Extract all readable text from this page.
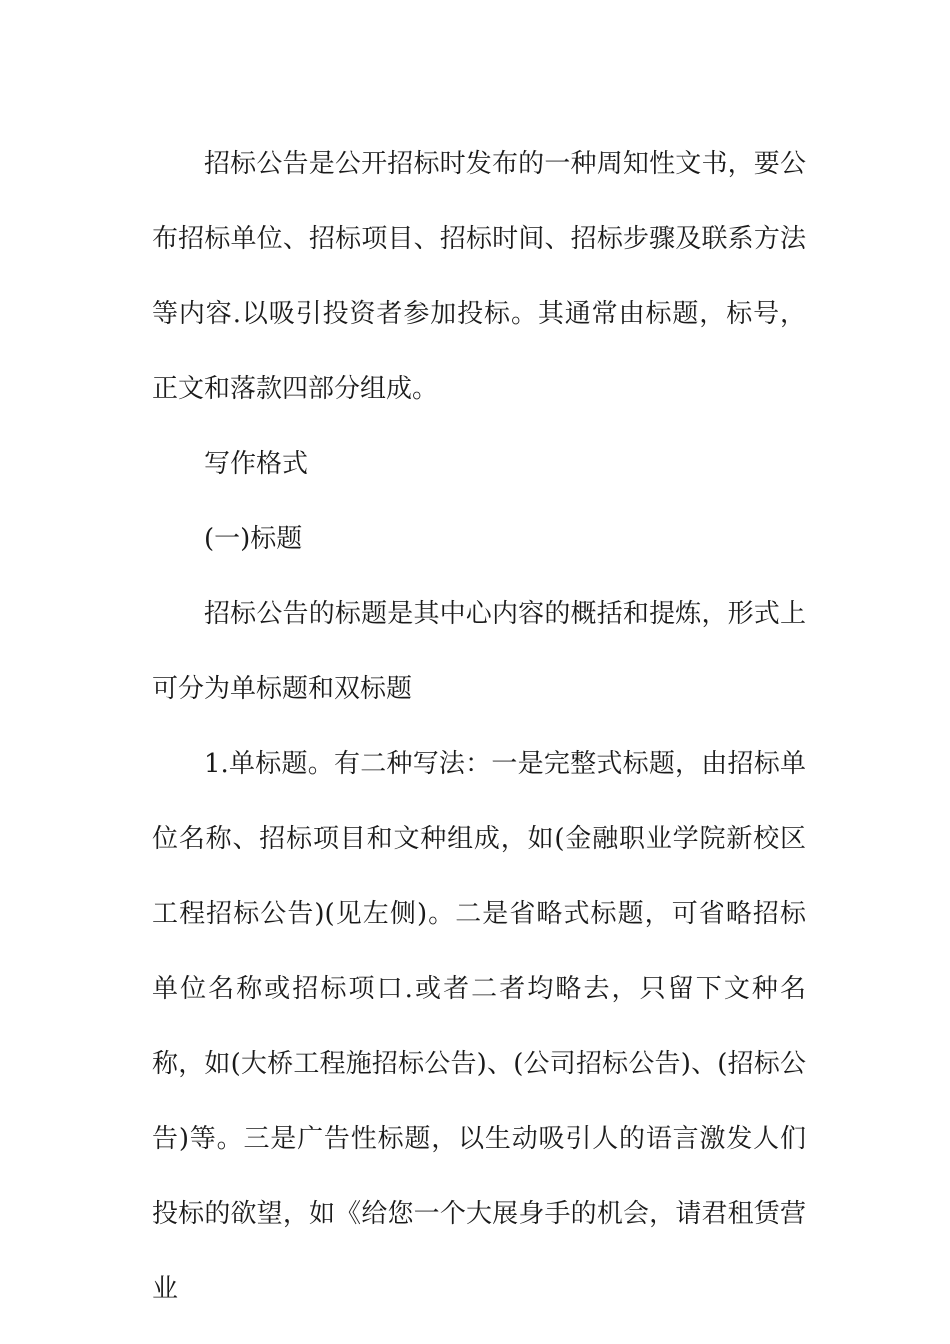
招标公告是公开招标时发布的一种周知性文书，要公布招标单位、招标项目、招标时间、招标步骤及联系方法等内容.以吸引投资者参加投标。其通常由标题，标号，正文和落款四部分组成。

写作格式

(一)标题

招标公告的标题是其中心内容的概括和提炼，形式上可分为单标题和双标题

1.单标题。有二种写法：一是完整式标题，由招标单位名称、招标项目和文种组成，如(金融职业学院新校区工程招标公告)(见左侧)。二是省略式标题，可省略招标单位名称或招标项口.或者二者均略去，只留下文种名称，如(大桥工程施招标公告)、(公司招标公告)、(招标公告)等。三是广告性标题，以生动吸引人的语言激发人们投标的欲望，如《给您一个大展身手的机会，请君租赁营业
